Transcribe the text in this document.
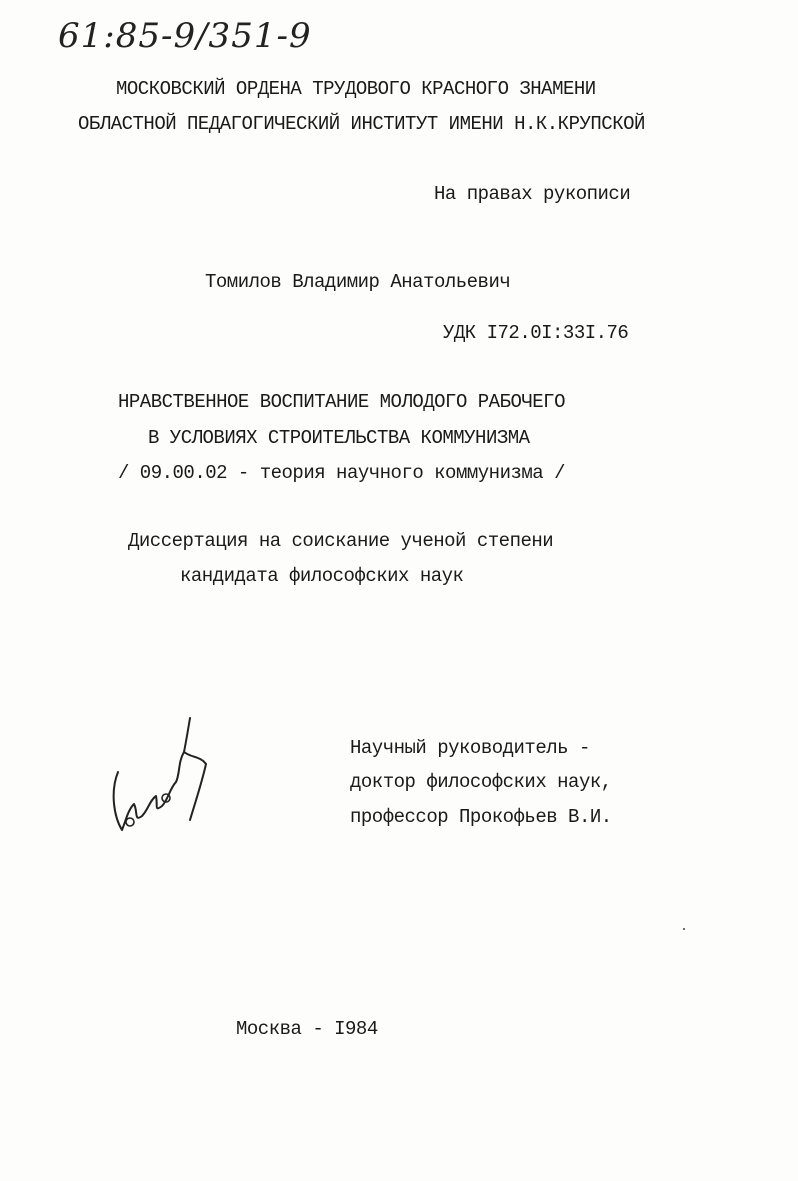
61:85-9/351-9
МОСКОВСКИЙ ОРДЕНА ТРУДОВОГО КРАСНОГО ЗНАМЕНИ
ОБЛАСТНОЙ ПЕДАГОГИЧЕСКИЙ ИНСТИТУТ ИМЕНИ Н.К.КРУПСКОЙ
На правах рукописи
Томилов Владимир Анатольевич
УДК I72.0I:33I.76
НРАВСТВЕННОЕ ВОСПИТАНИЕ МОЛОДОГО РАБОЧЕГО
В УСЛОВИЯХ СТРОИТЕЛЬСТВА КОММУНИЗМА
/ 09.00.02 - теория научного коммунизма /
Диссертация на соискание ученой степени
кандидата философских наук
Научный руководитель -
доктор философских наук,
профессор Прокофьев В.И.
Москва - I984
